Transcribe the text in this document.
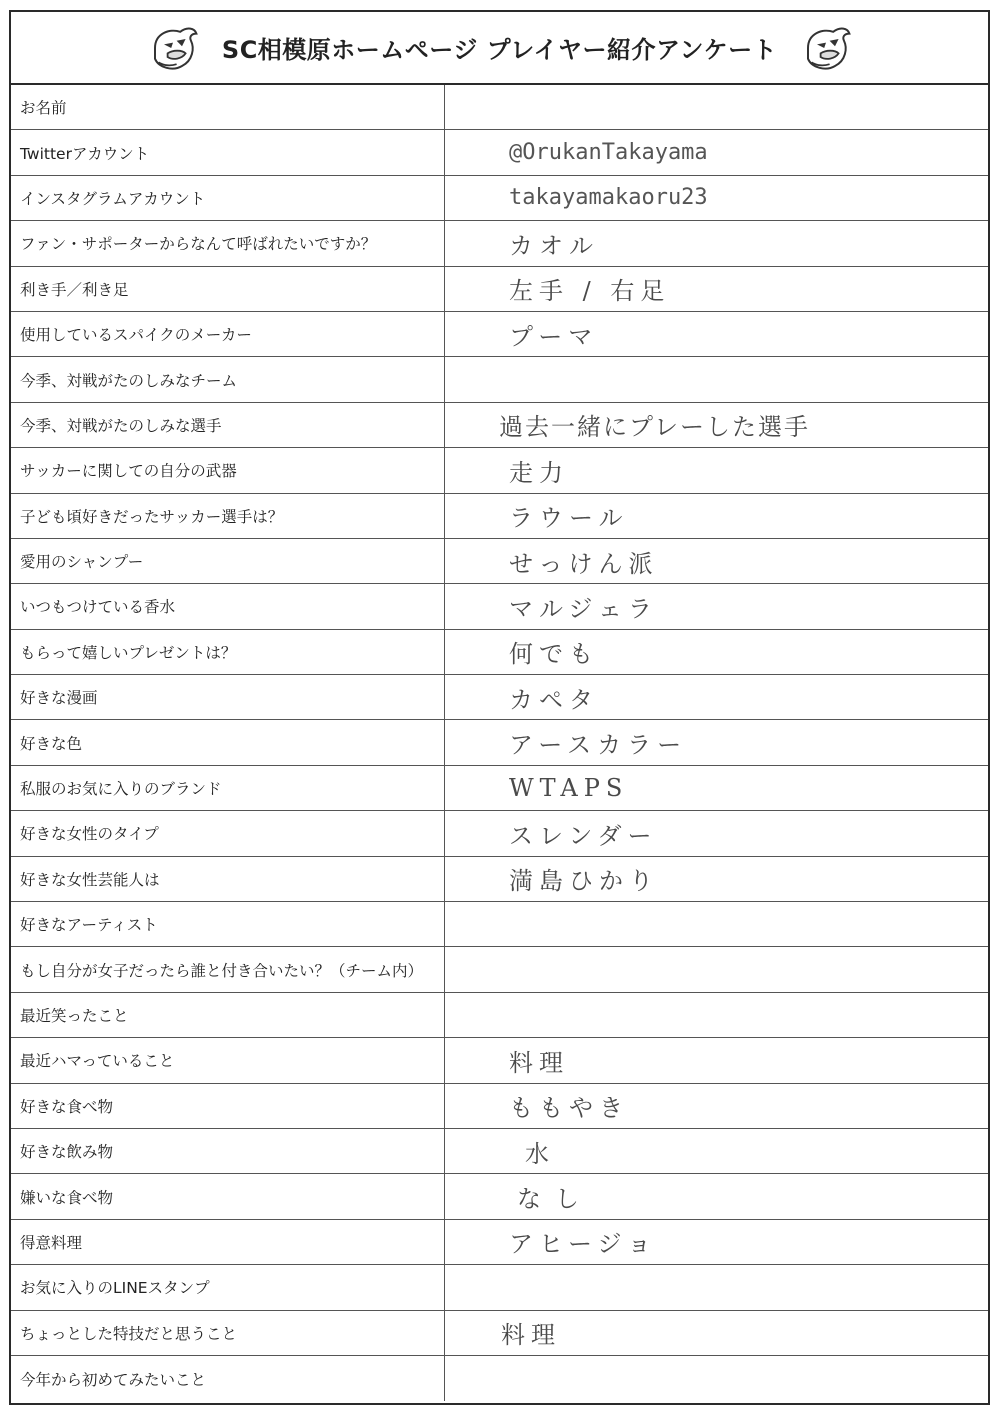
SC相模原ホームページ プレイヤー紹介アンケート
お名前
Twitterアカウント	@OrukanTakayama
インスタグラムアカウント	takayamakaoru23
ファン・サポーターからなんて呼ばれたいですか？	カオル
利き手／利き足	左手 / 右足
使用しているスパイクのメーカー	プーマ
今季、対戦がたのしみなチーム
今季、対戦がたのしみな選手	過去一緒にプレーした選手
サッカーに関しての自分の武器	走力
子ども頃好きだったサッカー選手は？	ラウール
愛用のシャンプー	せっけん派
いつもつけている香水	マルジェラ
もらって嬉しいプレゼントは？	何でも
好きな漫画	カペタ
好きな色	アースカラー
私服のお気に入りのブランド	WTAPS
好きな女性のタイプ	スレンダー
好きな女性芸能人は	満島ひかり
好きなアーティスト
もし自分が女子だったら誰と付き合いたい？（チーム内）
最近笑ったこと
最近ハマっていること	料理
好きな食べ物	ももやき
好きな飲み物	水
嫌いな食べ物	なし
得意料理	アヒージョ
お気に入りのLINEスタンプ
ちょっとした特技だと思うこと	料理
今年から初めてみたいこと
